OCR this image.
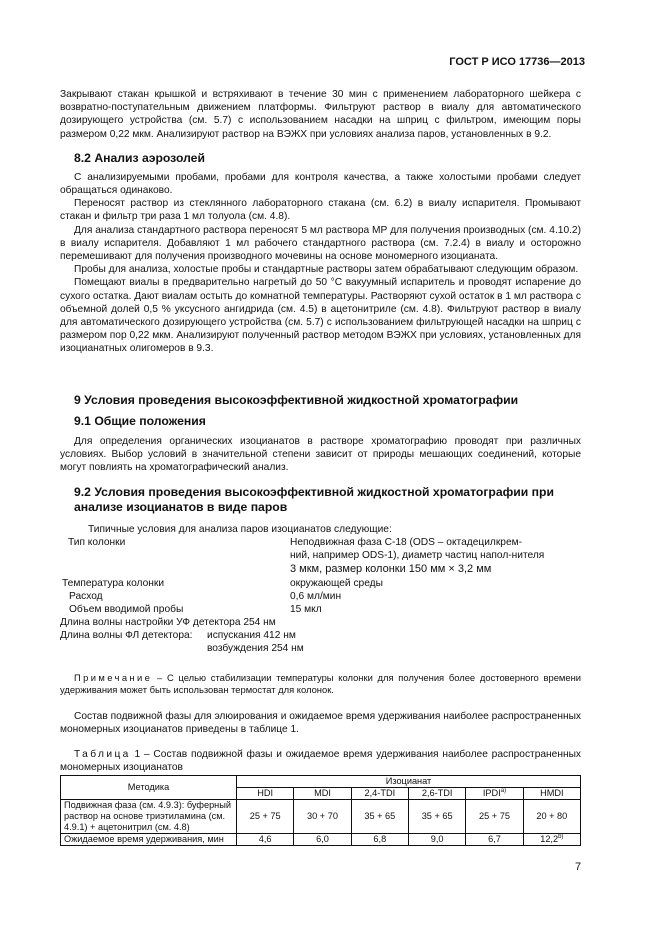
ГОСТ Р ИСО 17736—2013

Закрывают стакан крышкой и встряхивают в течение 30 мин с применением лабораторного шейкера с возвратно-поступательным движением платформы. Фильтруют раствор в виалу для автоматического дозирующего устройства (см. 5.7) с использованием насадки на шприц с фильтром, имеющим поры размером 0,22 мкм. Анализируют раствор на ВЭЖХ при условиях анализа паров, установленных в 9.2.

8.2 Анализ аэрозолей

С анализируемыми пробами, пробами для контроля качества, а также холостыми пробами следует обращаться одинаково.

Переносят раствор из стеклянного лабораторного стакана (см. 6.2) в виалу испарителя. Промывают стакан и фильтр три раза 1 мл толуола (см. 4.8).

Для анализа стандартного раствора переносят 5 мл раствора МР для получения производных (см. 4.10.2) в виалу испарителя. Добавляют 1 мл рабочего стандартного раствора (см. 7.2.4) в виалу и осторожно перемешивают для получения производного мочевины на основе мономерного изоцианата.

Пробы для анализа, холостые пробы и стандартные растворы затем обрабатывают следующим образом.

Помещают виалы в предварительно нагретый до 50 °С вакуумный испаритель и проводят испарение до сухого остатка. Дают виалам остыть до комнатной температуры. Растворяют сухой остаток в 1 мл раствора с объемной долей 0,5 % уксусного ангидрида (см. 4.5) в ацетонитриле (см. 4.8). Фильтруют раствор в виалу для автоматического дозирующего устройства (см. 5.7) с использованием фильтрующей насадки на шприц с размером пор 0,22 мкм. Анализируют полученный раствор методом ВЭЖХ при условиях, установленных для изоцианатных олигомеров в 9.3.

9 Условия проведения высокоэффективной жидкостной хроматографии
9.1 Общие положения

Для определения органических изоцианатов в растворе хроматографию проводят при различных условиях. Выбор условий в значительной степени зависит от природы мешающих соединений, которые могут повлиять на хроматографический анализ.

9.2 Условия проведения высокоэффективной жидкостной хроматографии при анализе изоцианатов в виде паров

Типичные условия для анализа паров изоцианатов следующие:

Тип колонки	Неподвижная фаза С-18 (ODS – октадецилкрем-
ний, например ODS-1), диаметр частиц напол-нителя
3 мкм, размер колонки 150 мм × 3,2 мм
Температура колонки	окружающей среды
Расход	0,6 мл/мин
Объем вводимой пробы	15 мкл
Длина волны настройки УФ детектора 254 нм
Длина волны ФЛ детектора: испускания 412 нм
возбуждения 254 нм

Примечание – С целью стабилизации температуры колонки для получения более достоверного времени удерживания может быть использован термостат для колонок.

Состав подвижной фазы для элюирования и ожидаемое время удерживания наиболее распространенных мономерных изоцианатов приведены в таблице 1.

Таблица 1 – Состав подвижной фазы и ожидаемое время удерживания наиболее распространенных мономерных изоцианатов

Методика	Изоцианат					
	HDI	MDI	2,4-TDI	2,6-TDI	IPDI$^{a)}$	HMDI
Подвижная фаза (см. 4.9.3): буферный раствор на основе триэтиламина (см. 4.9.1) + ацетонитрил (см. 4.8)	25 + 75	30 + 70	35 + 65	35 + 65	25 + 75	20 + 80
Ожидаемое время удерживания, мин	4,6	6,0	6,8	9,0	6,7	12,2$^{b)}$
7
